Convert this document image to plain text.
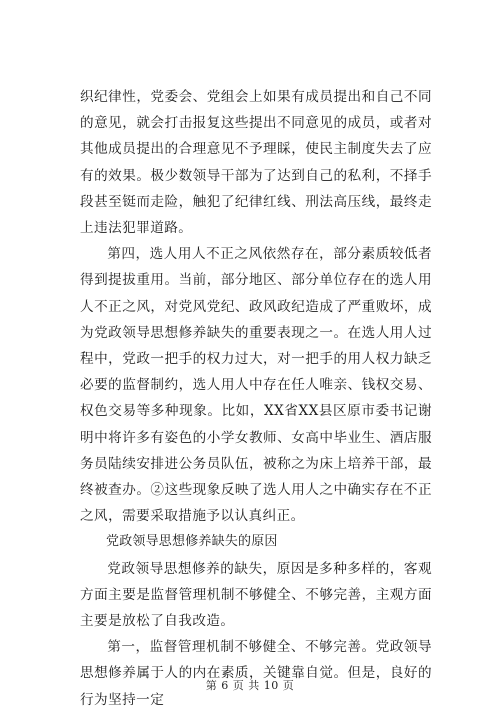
织纪律性，党委会、党组会上如果有成员提出和自己不同的意见，就会打击报复这些提出不同意见的成员，或者对其他成员提出的合理意见不予理睬，使民主制度失去了应有的效果。极少数领导干部为了达到自己的私利，不择手段甚至铤而走险，触犯了纪律红线、刑法高压线，最终走上违法犯罪道路。

第四，选人用人不正之风依然存在，部分素质较低者得到提拔重用。当前，部分地区、部分单位存在的选人用人不正之风，对党风党纪、政风政纪造成了严重败坏，成为党政领导思想修养缺失的重要表现之一。在选人用人过程中，党政一把手的权力过大，对一把手的用人权力缺乏必要的监督制约，选人用人中存在任人唯亲、钱权交易、权色交易等多种现象。比如，XX省XX县区原市委书记谢明中将许多有姿色的小学女教师、女高中毕业生、酒店服务员陆续安排进公务员队伍，被称之为床上培养干部，最终被查办。②这些现象反映了选人用人之中确实存在不正之风，需要采取措施予以认真纠正。

党政领导思想修养缺失的原因

党政领导思想修养的缺失，原因是多种多样的，客观方面主要是监督管理机制不够健全、不够完善，主观方面主要是放松了自我改造。

第一，监督管理机制不够健全、不够完善。党政领导思想修养属于人的内在素质，关键靠自觉。但是，良好的行为坚持一定

第 6 页 共 10 页
